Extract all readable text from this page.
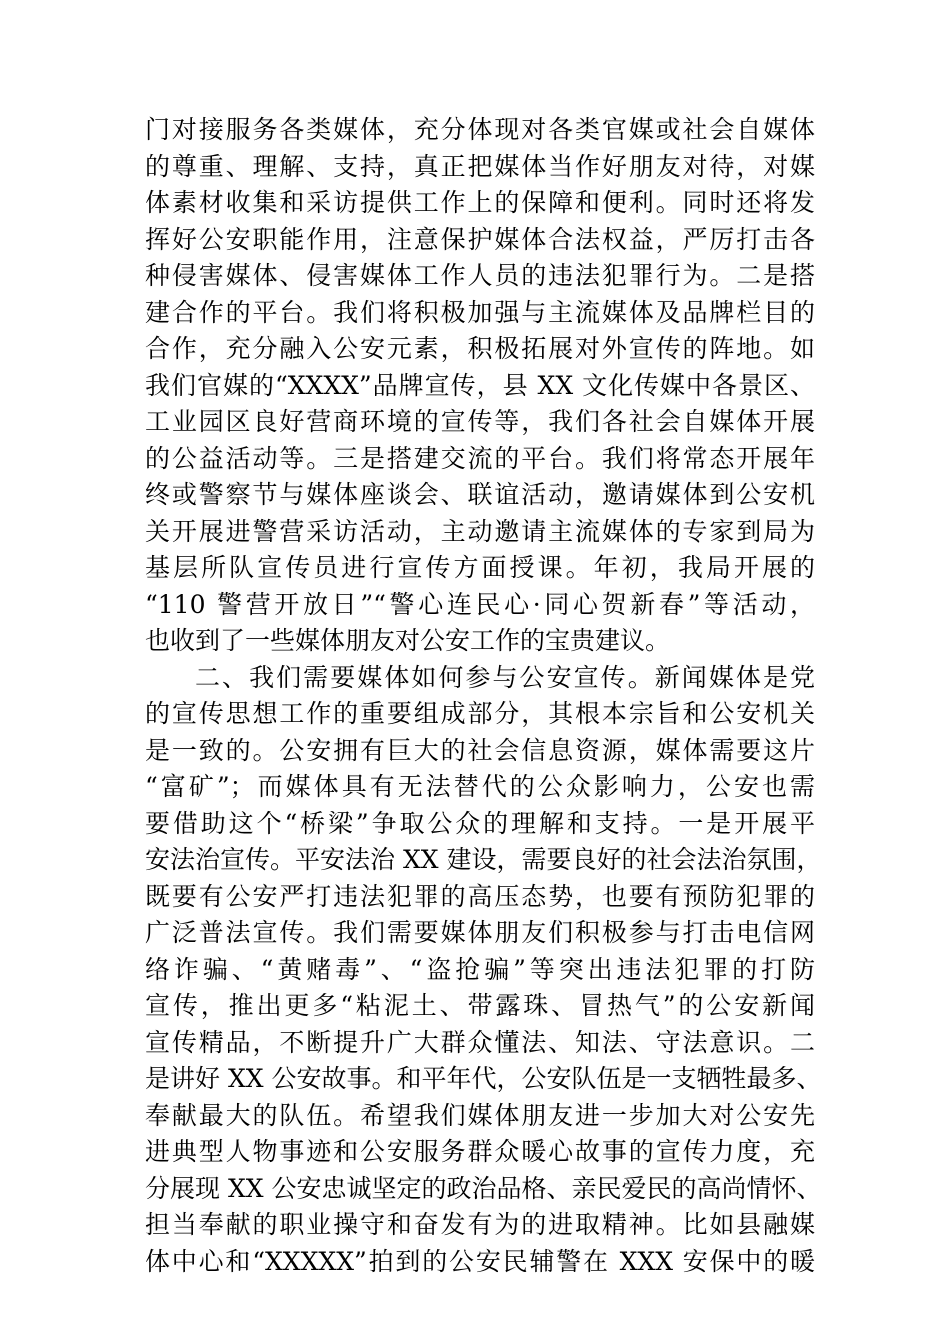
门对接服务各类媒体，充分体现对各类官媒或社会自媒体
的尊重、理解、支持，真正把媒体当作好朋友对待，对媒
体素材收集和采访提供工作上的保障和便利。同时还将发
挥好公安职能作用，注意保护媒体合法权益，严厉打击各
种侵害媒体、侵害媒体工作人员的违法犯罪行为。二是搭
建合作的平台。我们将积极加强与主流媒体及品牌栏目的
合作，充分融入公安元素，积极拓展对外宣传的阵地。如
我们官媒的“XXXX”品牌宣传，县 XX 文化传媒中各景区、
工业园区良好营商环境的宣传等，我们各社会自媒体开展
的公益活动等。三是搭建交流的平台。我们将常态开展年
终或警察节与媒体座谈会、联谊活动，邀请媒体到公安机
关开展进警营采访活动，主动邀请主流媒体的专家到局为
基层所队宣传员进行宣传方面授课。年初，我局开展的
“110 警营开放日”“警心连民心·同心贺新春”等活动，
也收到了一些媒体朋友对公安工作的宝贵建议。
二、我们需要媒体如何参与公安宣传。新闻媒体是党
的宣传思想工作的重要组成部分，其根本宗旨和公安机关
是一致的。公安拥有巨大的社会信息资源，媒体需要这片
“富矿”；而媒体具有无法替代的公众影响力，公安也需
要借助这个“桥梁”争取公众的理解和支持。一是开展平
安法治宣传。平安法治 XX 建设，需要良好的社会法治氛围，
既要有公安严打违法犯罪的高压态势，也要有预防犯罪的
广泛普法宣传。我们需要媒体朋友们积极参与打击电信网
络诈骗、“黄赌毒”、“盗抢骗”等突出违法犯罪的打防
宣传，推出更多“粘泥土、带露珠、冒热气”的公安新闻
宣传精品，不断提升广大群众懂法、知法、守法意识。二
是讲好 XX 公安故事。和平年代，公安队伍是一支牺牲最多、
奉献最大的队伍。希望我们媒体朋友进一步加大对公安先
进典型人物事迹和公安服务群众暖心故事的宣传力度，充
分展现 XX 公安忠诚坚定的政治品格、亲民爱民的高尚情怀、
担当奉献的职业操守和奋发有为的进取精神。比如县融媒
体中心和“XXXXX”拍到的公安民辅警在 XXX 安保中的暖
